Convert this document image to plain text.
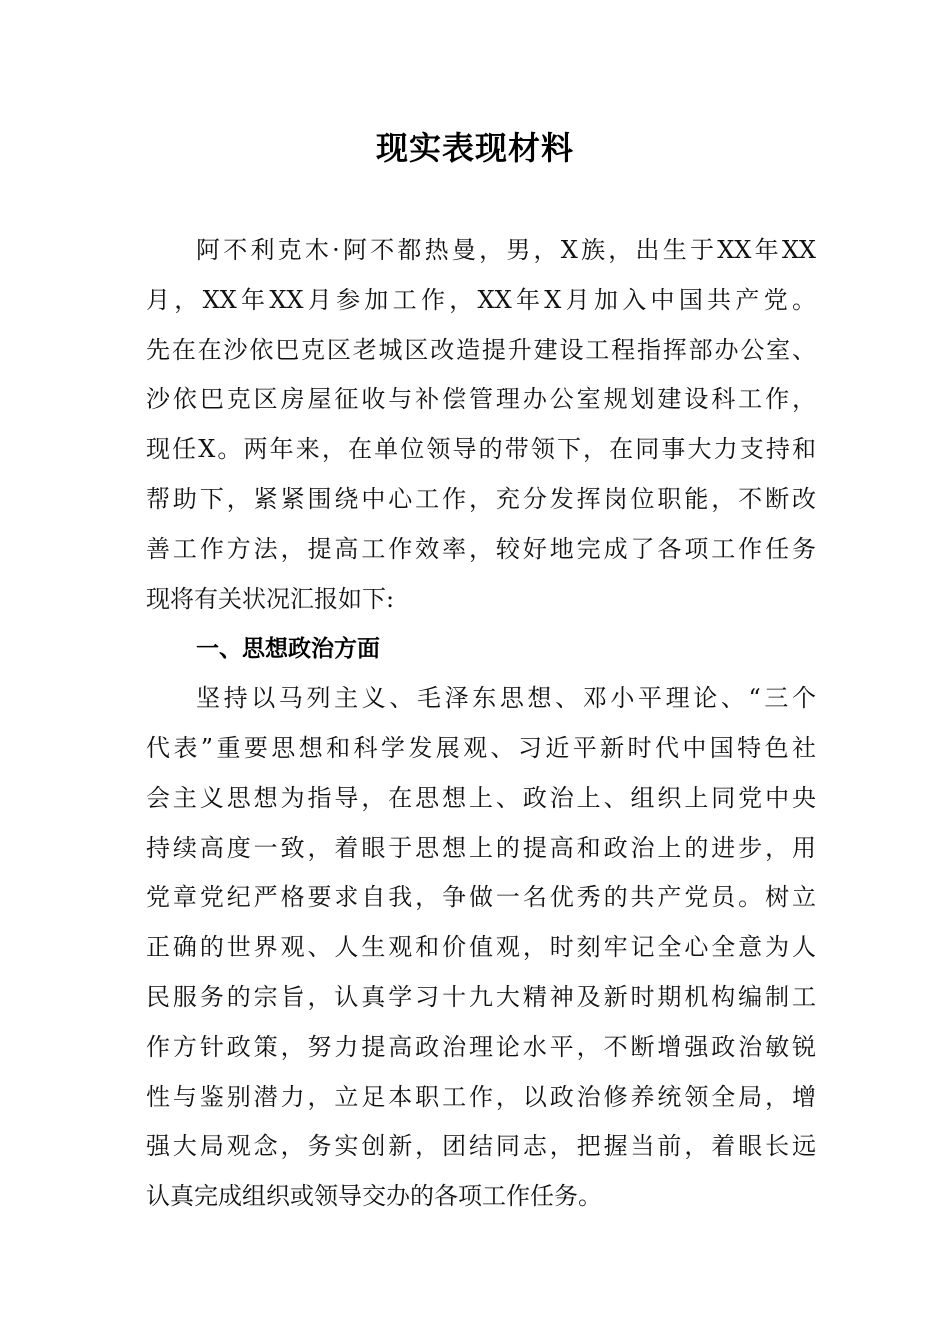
现实表现材料
阿不利克木·阿不都热曼，男，X族，出生于XX年XX
月，XX年XX月参加工作，XX年X月加入中国共产党。
先在在沙依巴克区老城区改造提升建设工程指挥部办公室、
沙依巴克区房屋征收与补偿管理办公室规划建设科工作，
现任X。两年来，在单位领导的带领下，在同事大力支持和
帮助下，紧紧围绕中心工作，充分发挥岗位职能，不断改
善工作方法，提高工作效率，较好地完成了各项工作任务
现将有关状况汇报如下:
一、思想政治方面
坚持以马列主义、毛泽东思想、邓小平理论、“三个
代表”重要思想和科学发展观、习近平新时代中国特色社
会主义思想为指导，在思想上、政治上、组织上同党中央
持续高度一致，着眼于思想上的提高和政治上的进步，用
党章党纪严格要求自我，争做一名优秀的共产党员。树立
正确的世界观、人生观和价值观，时刻牢记全心全意为人
民服务的宗旨，认真学习十九大精神及新时期机构编制工
作方针政策，努力提高政治理论水平，不断增强政治敏锐
性与鉴别潜力，立足本职工作，以政治修养统领全局，增
强大局观念，务实创新，团结同志，把握当前，着眼长远
认真完成组织或领导交办的各项工作任务。
